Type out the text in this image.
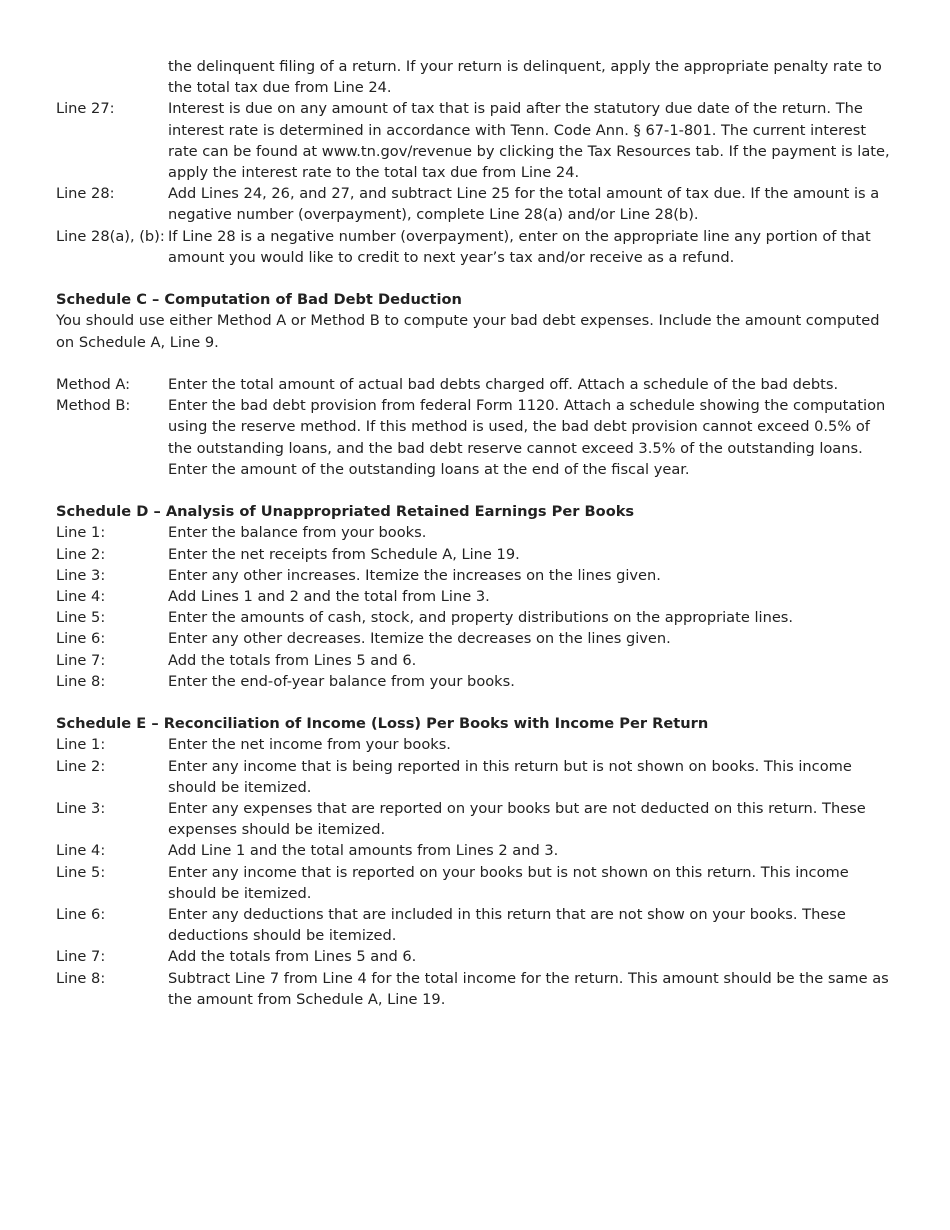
the delinquent filing of a return. If your return is delinquent, apply the appropriate penalty rate to the total tax due from Line 24.
Line 27:	Interest is due on any amount of tax that is paid after the statutory due date of the return. The interest rate is determined in accordance with Tenn. Code Ann. § 67-1-801. The current interest rate can be found at www.tn.gov/revenue by clicking the Tax Resources tab. If the payment is late, apply the interest rate to the total tax due from Line 24.
Line 28:	Add Lines 24, 26, and 27, and subtract Line 25 for the total amount of tax due. If the amount is a negative number (overpayment), complete Line 28(a) and/or Line 28(b).
Line 28(a), (b): If Line 28 is a negative number (overpayment), enter on the appropriate line any portion of that amount you would like to credit to next year’s tax and/or receive as a refund.
Schedule C – Computation of Bad Debt Deduction
You should use either Method A or Method B to compute your bad debt expenses. Include the amount computed on Schedule A, Line 9.
Method A:	Enter the total amount of actual bad debts charged off. Attach a schedule of the bad debts.
Method B:	Enter the bad debt provision from federal Form 1120. Attach a schedule showing the computation using the reserve method. If this method is used, the bad debt provision cannot exceed 0.5% of the outstanding loans, and the bad debt reserve cannot exceed 3.5% of the outstanding loans. Enter the amount of the outstanding loans at the end of the fiscal year.
Schedule D – Analysis of Unappropriated Retained Earnings Per Books
Line 1:	Enter the balance from your books.
Line 2:	Enter the net receipts from Schedule A, Line 19.
Line 3:	Enter any other increases. Itemize the increases on the lines given.
Line 4:	Add Lines 1 and 2 and the total from Line 3.
Line 5:	Enter the amounts of cash, stock, and property distributions on the appropriate lines.
Line 6:	Enter any other decreases. Itemize the decreases on the lines given.
Line 7:	Add the totals from Lines 5 and 6.
Line 8:	Enter the end-of-year balance from your books.
Schedule E – Reconciliation of Income (Loss) Per Books with Income Per Return
Line 1:	Enter the net income from your books.
Line 2:	Enter any income that is being reported in this return but is not shown on books. This income should be itemized.
Line 3:	Enter any expenses that are reported on your books but are not deducted on this return. These expenses should be itemized.
Line 4:	Add Line 1 and the total amounts from Lines 2 and 3.
Line 5:	Enter any income that is reported on your books but is not shown on this return. This income should be itemized.
Line 6:	Enter any deductions that are included in this return that are not show on your books. These deductions should be itemized.
Line 7:	Add the totals from Lines 5 and 6.
Line 8:	Subtract Line 7 from Line 4 for the total income for the return. This amount should be the same as the amount from Schedule A, Line 19.
